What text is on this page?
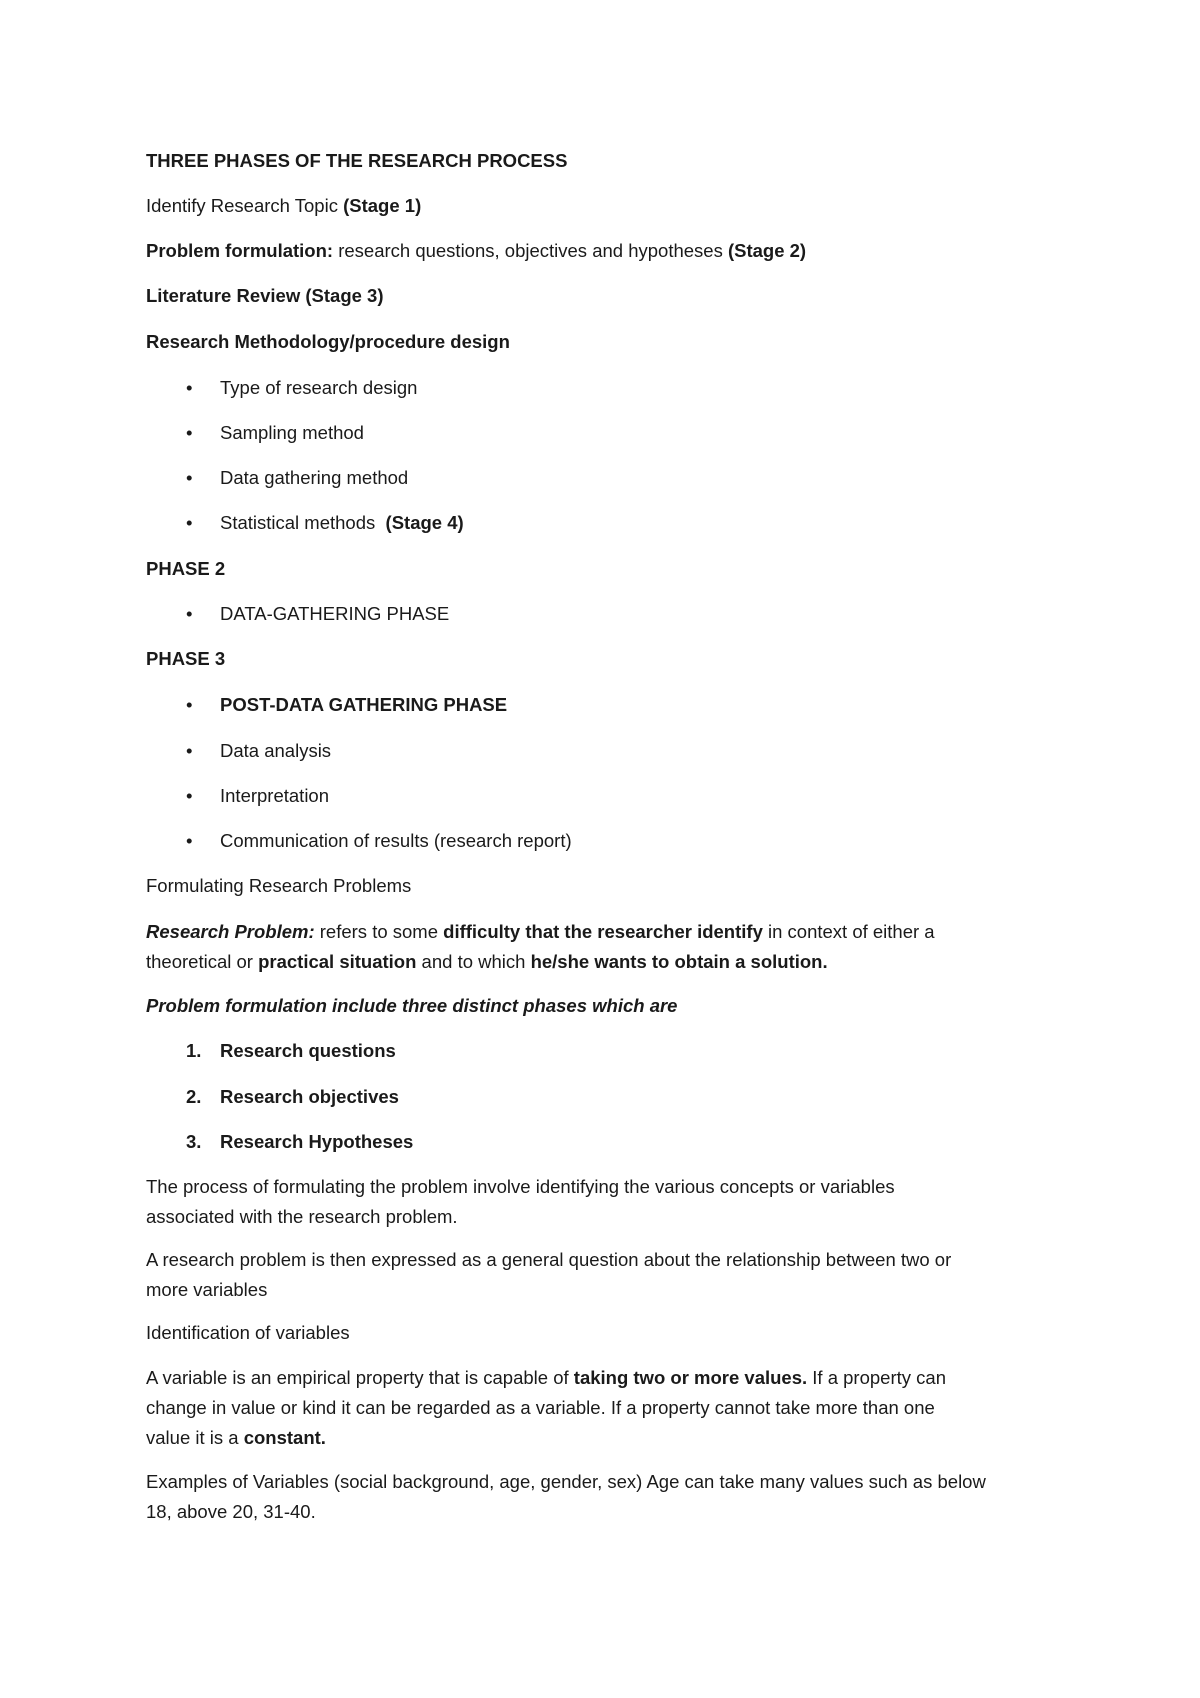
THREE PHASES OF THE RESEARCH PROCESS
Identify Research Topic (Stage 1)
Problem formulation: research questions, objectives and hypotheses (Stage 2)
Literature Review (Stage 3)
Research Methodology/procedure design
• Type of research design
• Sampling method
• Data gathering method
• Statistical methods (Stage 4)
PHASE 2
• DATA-GATHERING PHASE
PHASE 3
• POST-DATA GATHERING PHASE
• Data analysis
• Interpretation
• Communication of results (research report)
Formulating Research Problems
Research Problem: refers to some difficulty that the researcher identify in context of either a
theoretical or practical situation and to which he/she wants to obtain a solution.
Problem formulation include three distinct phases which are
1. Research questions
2. Research objectives
3. Research Hypotheses
The process of formulating the problem involve identifying the various concepts or variables
associated with the research problem.
A research problem is then expressed as a general question about the relationship between two or
more variables
Identification of variables
A variable is an empirical property that is capable of taking two or more values. If a property can
change in value or kind it can be regarded as a variable. If a property cannot take more than one
value it is a constant.
Examples of Variables (social background, age, gender, sex) Age can take many values such as below
18, above 20, 31-40.
